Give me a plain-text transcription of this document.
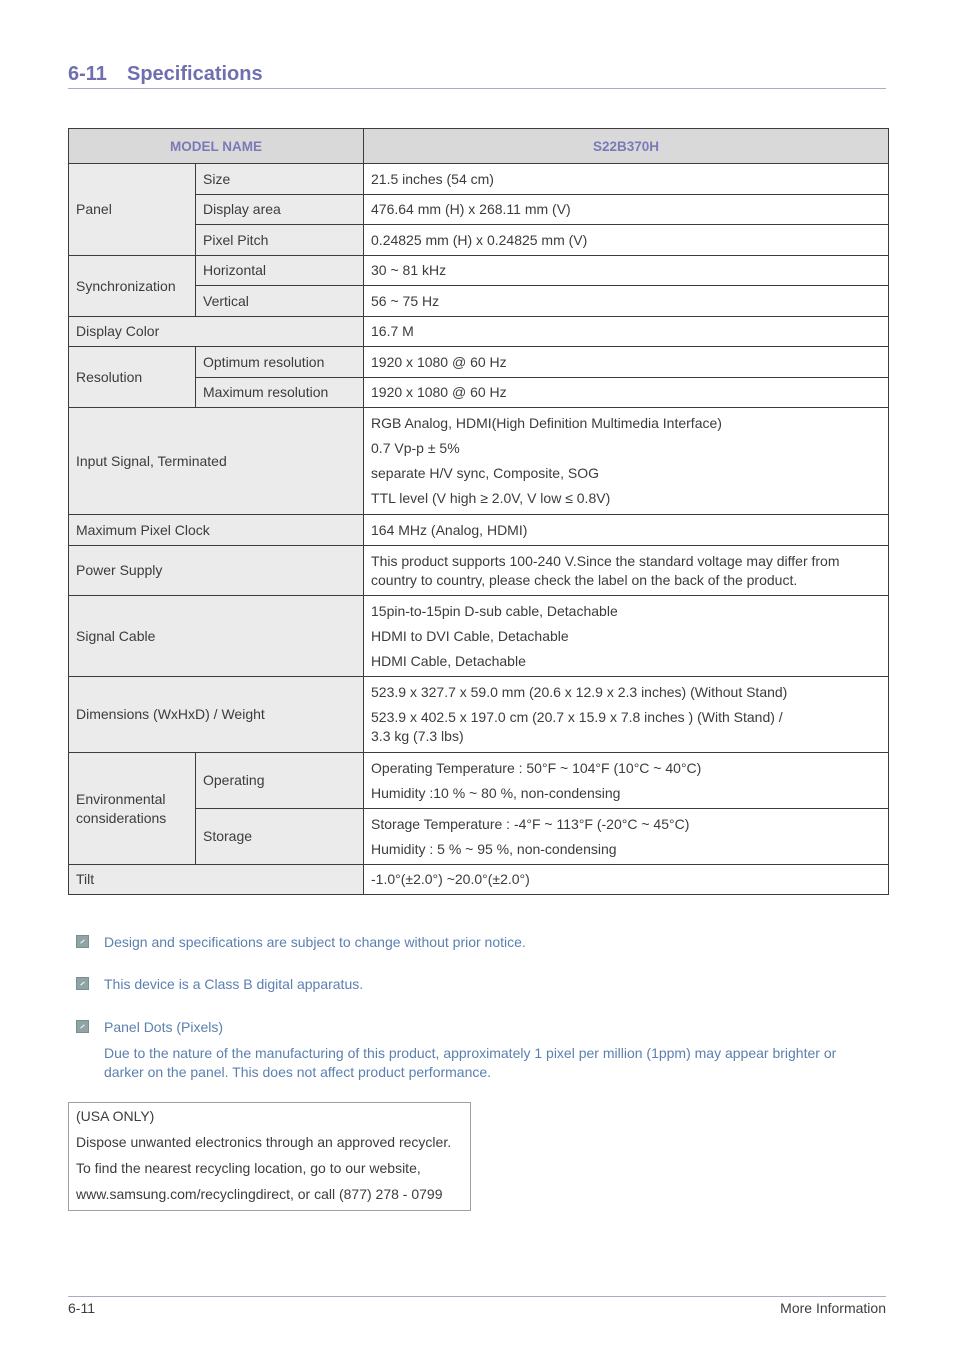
6-11 Specifications
MODEL NAME		S22B370H
Panel	Size	21.5 inches (54 cm)
	Display area	476.64 mm (H) x 268.11 mm (V)
	Pixel Pitch	0.24825 mm (H) x 0.24825 mm (V)
Synchronization	Horizontal	30 ~ 81 kHz
	Vertical	56 ~ 75 Hz
Display Color		16.7 M
Resolution	Optimum resolution	1920 x 1080 @ 60 Hz
	Maximum resolution	1920 x 1080 @ 60 Hz
Input Signal, Terminated		RGB Analog, HDMI(High Definition Multimedia Interface)
0.7 Vp-p ± 5%
separate H/V sync, Composite, SOG
TTL level (V high ≥ 2.0V, V low ≤ 0.8V)

Maximum Pixel Clock		164 MHz (Analog, HDMI)
Power Supply		This product supports 100-240 V.Since the standard voltage may differ from
country to country, please check the label on the back of the product.

Signal Cable		15pin-to-15pin D-sub cable, Detachable
HDMI to DVI Cable, Detachable
HDMI Cable, Detachable

Dimensions (WxHxD) / Weight		523.9 x 327.7 x 59.0 mm (20.6 x 12.9 x 2.3 inches) (Without Stand)
523.9 x 402.5 x 197.0 cm (20.7 x 15.9 x 7.8 inches ) (With Stand) /
3.3 kg (7.3 lbs)

Environmental
considerations	Operating	Operating Temperature : 50°F ~ 104°F (10°C ~ 40°C)
Humidity :10 % ~ 80 %, non-condensing

	Storage	Storage Temperature : -4°F ~ 113°F (-20°C ~ 45°C)
Humidity : 5 % ~ 95 %, non-condensing

Tilt		-1.0°(±2.0°) ~20.0°(±2.0°)
Design and specifications are subject to change without prior notice.
This device is a Class B digital apparatus.
Panel Dots (Pixels)
Due to the nature of the manufacturing of this product, approximately 1 pixel per million (1ppm) may appear brighter or
darker on the panel. This does not affect product performance.
(USA ONLY)
Dispose unwanted electronics through an approved recycler.
To find the nearest recycling location, go to our website,
www.samsung.com/recyclingdirect, or call (877) 278 - 0799
6-11	More Information
